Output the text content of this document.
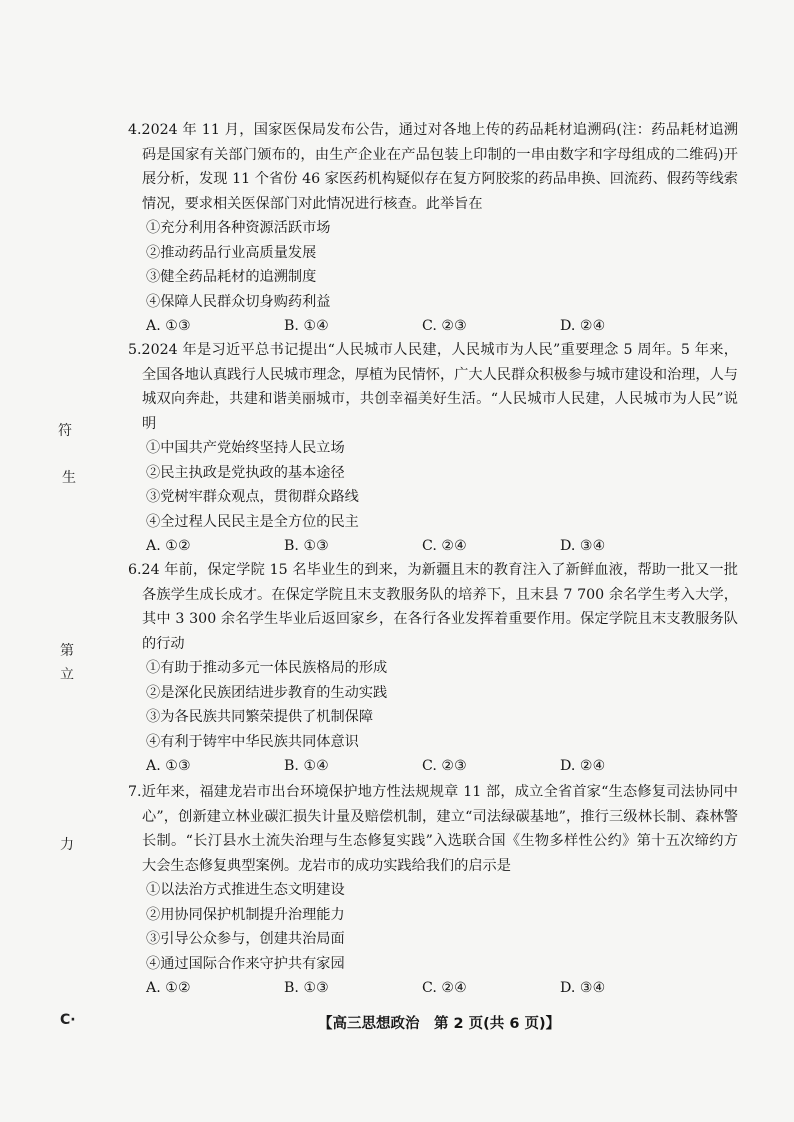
4.2024 年 11 月，国家医保局发布公告，通过对各地上传的药品耗材追溯码(注：药品耗材追溯码是国家有关部门颁布的，由生产企业在产品包装上印制的一串由数字和字母组成的二维码)开展分析，发现 11 个省份 46 家医药机构疑似存在复方阿胶浆的药品串换、回流药、假药等线索情况，要求相关医保部门对此情况进行核查。此举旨在

①充分利用各种资源活跃市场

②推动药品行业高质量发展

③健全药品耗材的追溯制度

④保障人民群众切身购药利益

A. ①③	B. ①④	C. ②③	D. ②④

5.2024 年是习近平总书记提出“人民城市人民建，人民城市为人民”重要理念 5 周年。5 年来，全国各地认真践行人民城市理念，厚植为民情怀，广大人民群众积极参与城市建设和治理，人与城双向奔赴，共建和谐美丽城市，共创幸福美好生活。“人民城市人民建，人民城市为人民”说明

①中国共产党始终坚持人民立场

②民主执政是党执政的基本途径

③党树牢群众观点，贯彻群众路线

④全过程人民民主是全方位的民主

A. ①②	B. ①③	C. ②④	D. ③④

6.24 年前，保定学院 15 名毕业生的到来，为新疆且末的教育注入了新鲜血液，帮助一批又一批各族学生成长成才。在保定学院且末支教服务队的培养下，且末县 7 700 余名学生考入大学，其中 3 300 余名学生毕业后返回家乡，在各行各业发挥着重要作用。保定学院且末支教服务队的行动

①有助于推动多元一体民族格局的形成

②是深化民族团结进步教育的生动实践

③为各民族共同繁荣提供了机制保障

④有利于铸牢中华民族共同体意识

A. ①③	B. ①④	C. ②③	D. ②④

7.近年来，福建龙岩市出台环境保护地方性法规规章 11 部，成立全省首家“生态修复司法协同中心”，创新建立林业碳汇损失计量及赔偿机制，建立“司法绿碳基地”，推行三级林长制、森林警长制。“长汀县水土流失治理与生态修复实践”入选联合国《生物多样性公约》第十五次缔约方大会生态修复典型案例。龙岩市的成功实践给我们的启示是

①以法治方式推进生态文明建设

②用协同保护机制提升治理能力

③引导公众参与，创建共治局面

④通过国际合作来守护共有家园

A. ①②	B. ①③	C. ②④	D. ③④
符
生
第
立
力
C·	【高三思想政治　第 2 页(共 6 页)】
